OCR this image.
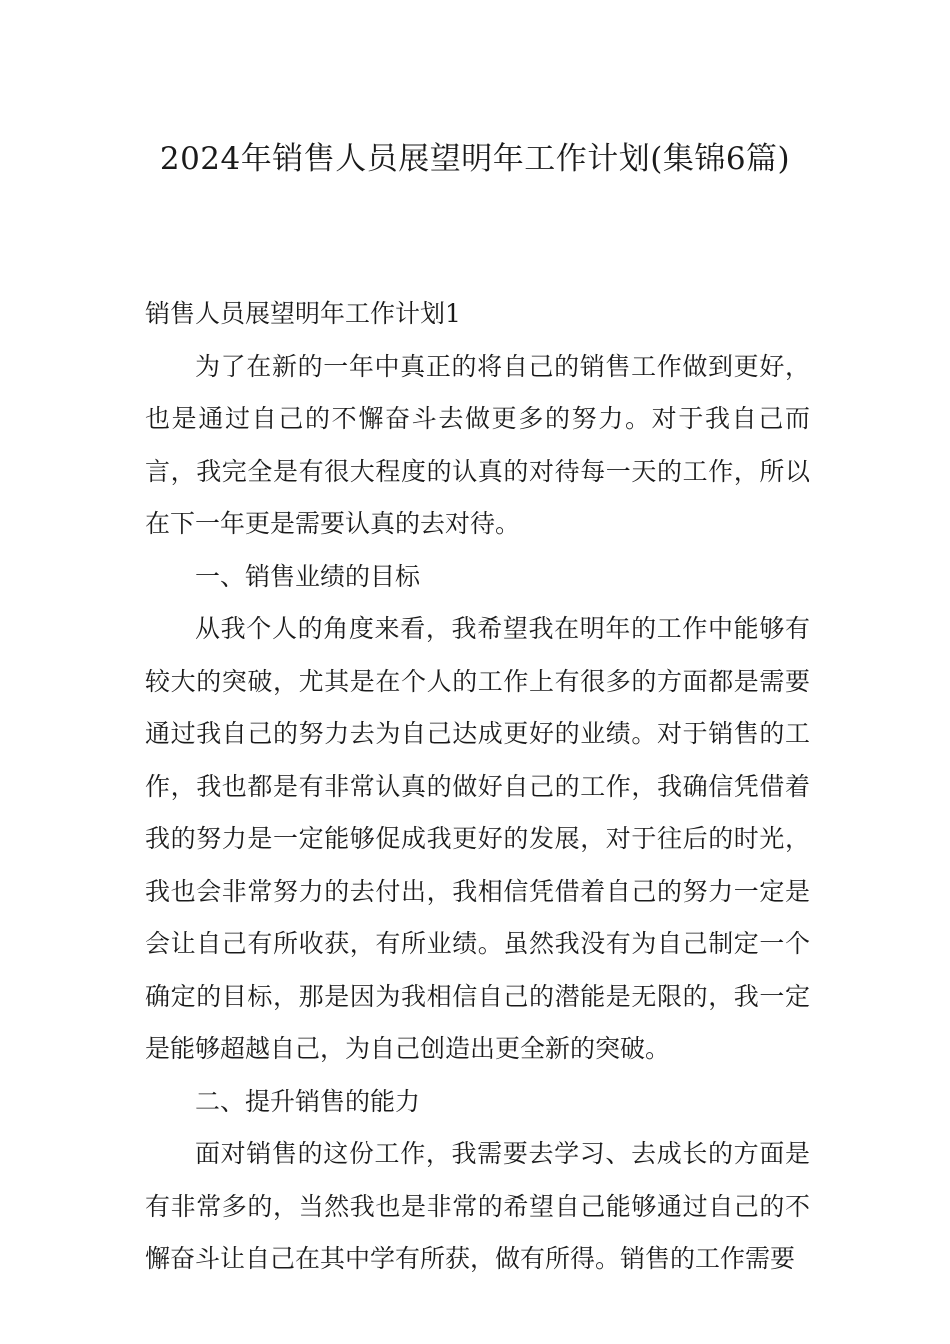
2024年销售人员展望明年工作计划(集锦6篇)

销售人员展望明年工作计划1

为了在新的一年中真正的将自己的销售工作做到更好，也是通过自己的不懈奋斗去做更多的努力。对于我自己而言，我完全是有很大程度的认真的对待每一天的工作，所以在下一年更是需要认真的去对待。

一、销售业绩的目标

从我个人的角度来看，我希望我在明年的工作中能够有较大的突破，尤其是在个人的工作上有很多的方面都是需要通过我自己的努力去为自己达成更好的业绩。对于销售的工作，我也都是有非常认真的做好自己的工作，我确信凭借着我的努力是一定能够促成我更好的发展，对于往后的时光，我也会非常努力的去付出，我相信凭借着自己的努力一定是会让自己有所收获，有所业绩。虽然我没有为自己制定一个确定的目标，那是因为我相信自己的潜能是无限的，我一定是能够超越自己，为自己创造出更全新的突破。

二、提升销售的能力

面对销售的这份工作，我需要去学习、去成长的方面是有非常多的，当然我也是非常的希望自己能够通过自己的不懈奋斗让自己在其中学有所获，做有所得。销售的工作需要
